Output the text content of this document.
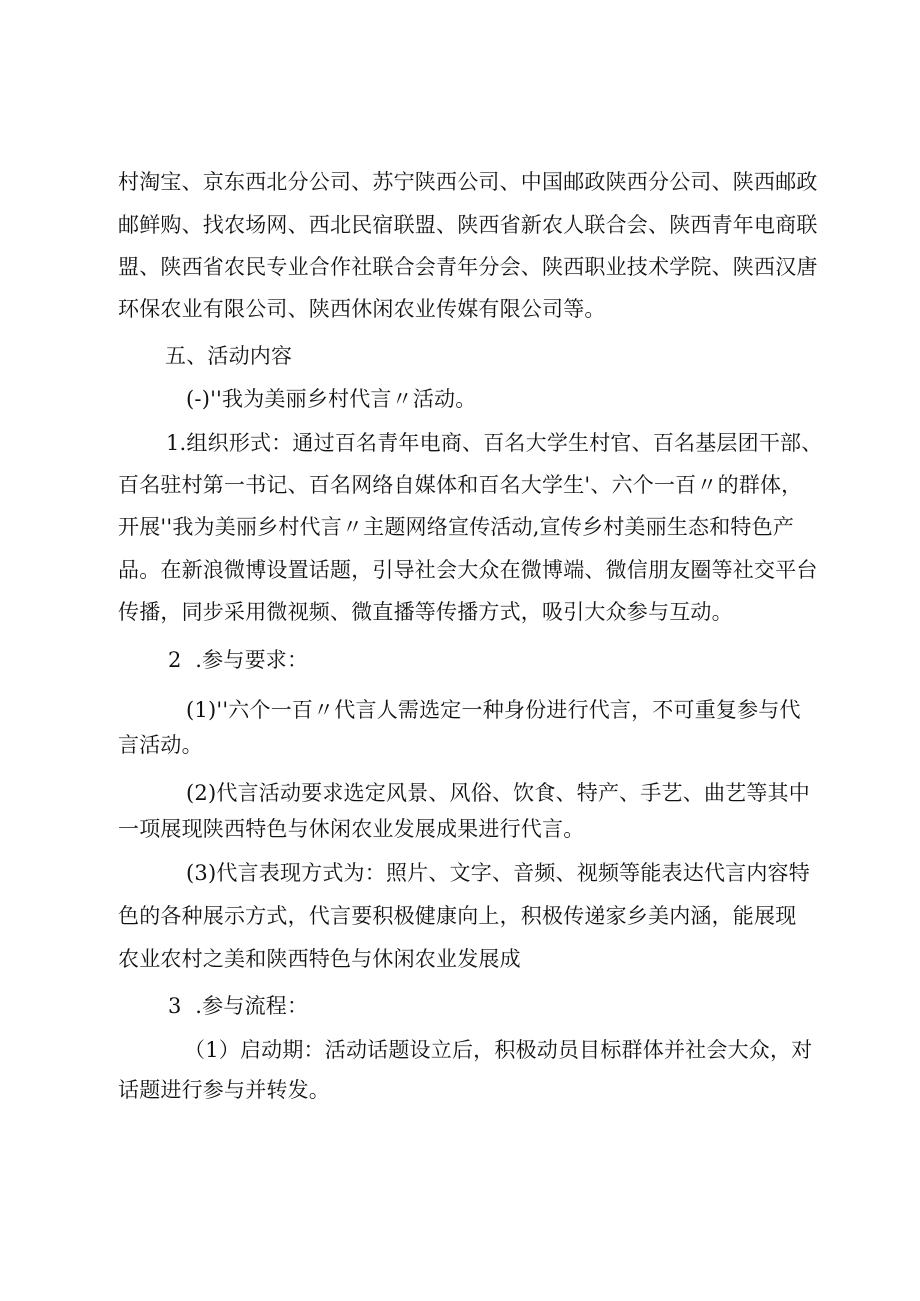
村淘宝、京东西北分公司、苏宁陕西公司、中国邮政陕西分公司、陕西邮政
邮鲜购、找农场网、西北民宿联盟、陕西省新农人联合会、陕西青年电商联
盟、陕西省农民专业合作社联合会青年分会、陕西职业技术学院、陕西汉唐
环保农业有限公司、陕西休闲农业传媒有限公司等。
五、活动内容
(-)''我为美丽乡村代言〃活动。
1.组织形式：通过百名青年电商、百名大学生村官、百名基层团干部、
百名驻村第一书记、百名网络自媒体和百名大学生'、六个一百〃的群体，
开展''我为美丽乡村代言〃主题网络宣传活动,宣传乡村美丽生态和特色产
品。在新浪微博设置话题，引导社会大众在微博端、微信朋友圈等社交平台
传播，同步采用微视频、微直播等传播方式，吸引大众参与互动。
2  .参与要求：
(1)''六个一百〃代言人需选定一种身份进行代言，不可重复参与代
言活动。
(2)代言活动要求选定风景、风俗、饮食、特产、手艺、曲艺等其中
一项展现陕西特色与休闲农业发展成果进行代言。
(3)代言表现方式为：照片、文字、音频、视频等能表达代言内容特
色的各种展示方式，代言要积极健康向上，积极传递家乡美内涵，能展现
农业农村之美和陕西特色与休闲农业发展成
3  .参与流程：
（1）启动期：活动话题设立后，积极动员目标群体并社会大众，对
话题进行参与并转发。
